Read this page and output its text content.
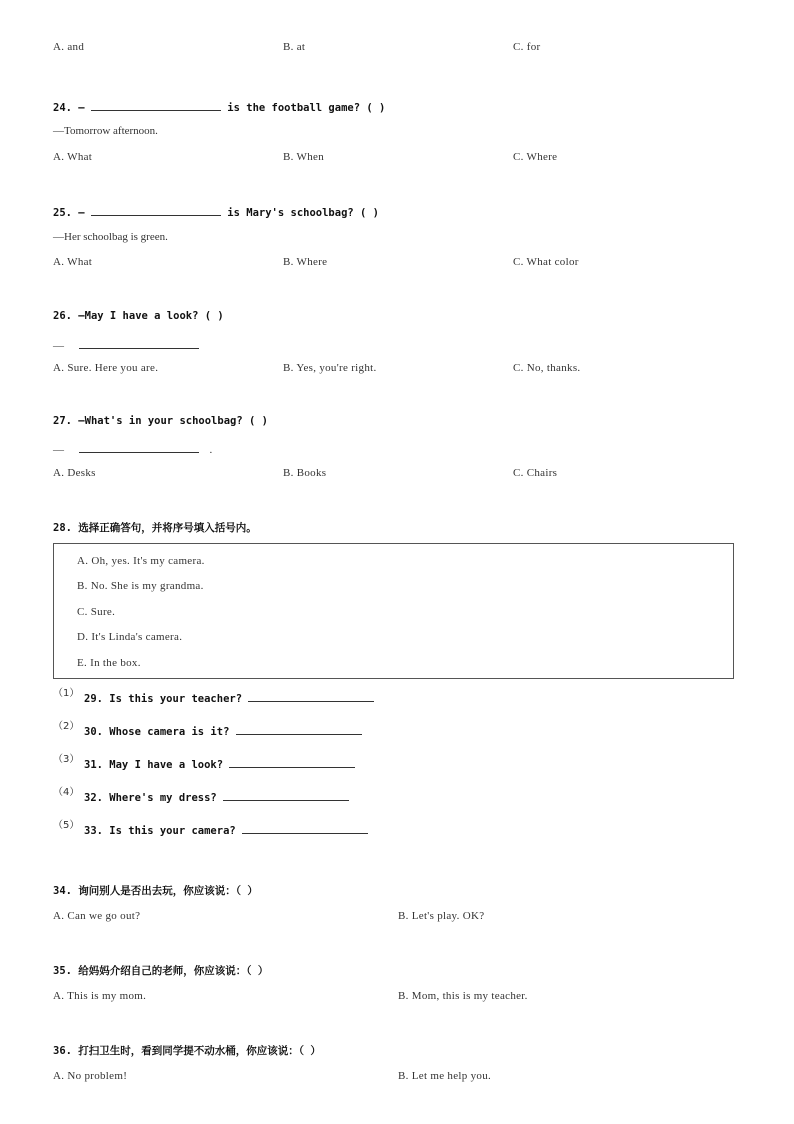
A. and	B. at	C. for
24. —	is the football game? ( )
—Tomorrow afternoon.
A. What	B. When	C. Where
25. —	is Mary's schoolbag? ( )
—Her schoolbag is green.
A. What	B. Where	C. What color
26. —May I have a look? ( )
—
A. Sure. Here you are.	B. Yes, you're right.	C. No, thanks.
27. —What's in your schoolbag? ( )
—	.
A. Desks	B. Books	C. Chairs
28. 选择正确答句，并将序号填入括号内。
A. Oh, yes. It's my camera.
B. No. She is my grandma.
C. Sure.
D. It's Linda's camera.
E. In the box.
（1） 29. Is this your teacher?
（2） 30. Whose camera is it?
（3） 31. May I have a look?
（4） 32. Where's my dress?
（5） 33. Is this your camera?
34. 询问别人是否出去玩，你应该说：（ ）
A. Can we go out?	B. Let's play. OK?
35. 给妈妈介绍自己的老师，你应该说：（ ）
A. This is my mom.	B. Mom, this is my teacher.
36. 打扫卫生时，看到同学提不动水桶，你应该说：（ ）
A. No problem!	B. Let me help you.
